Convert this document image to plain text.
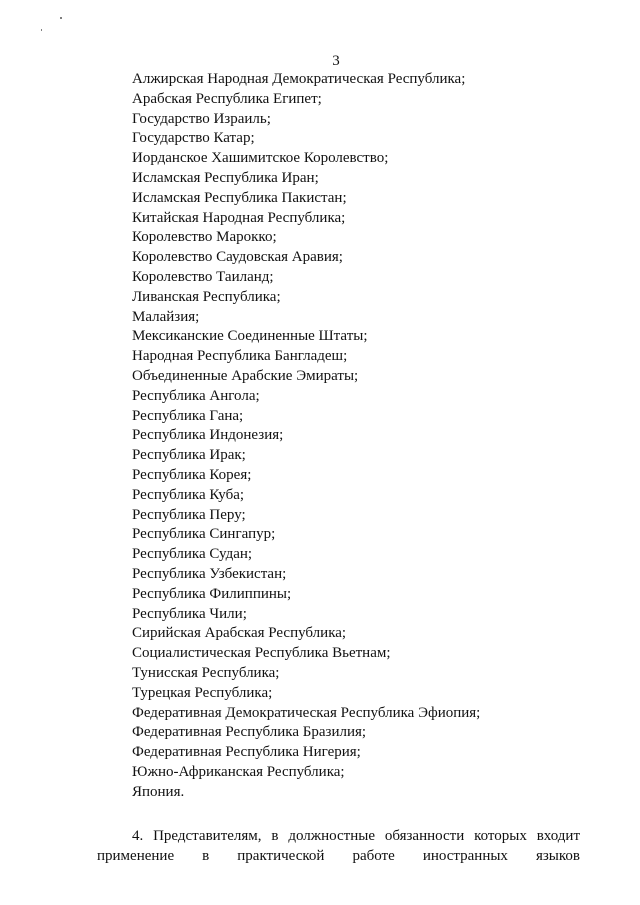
3
Алжирская Народная Демократическая Республика;
Арабская Республика Египет;
Государство Израиль;
Государство Катар;
Иорданское Хашимитское Королевство;
Исламская Республика Иран;
Исламская Республика Пакистан;
Китайская Народная Республика;
Королевство Марокко;
Королевство Саудовская Аравия;
Королевство Таиланд;
Ливанская Республика;
Малайзия;
Мексиканские Соединенные Штаты;
Народная Республика Бангладеш;
Объединенные Арабские Эмираты;
Республика Ангола;
Республика Гана;
Республика Индонезия;
Республика Ирак;
Республика Корея;
Республика Куба;
Республика Перу;
Республика Сингапур;
Республика Судан;
Республика Узбекистан;
Республика Филиппины;
Республика Чили;
Сирийская Арабская Республика;
Социалистическая Республика Вьетнам;
Тунисская Республика;
Турецкая Республика;
Федеративная Демократическая Республика Эфиопия;
Федеративная Республика Бразилия;
Федеративная Республика Нигерия;
Южно-Африканская Республика;
Япония.
4. Представителям, в должностные обязанности которых входит
применение в практической работе иностранных языков
